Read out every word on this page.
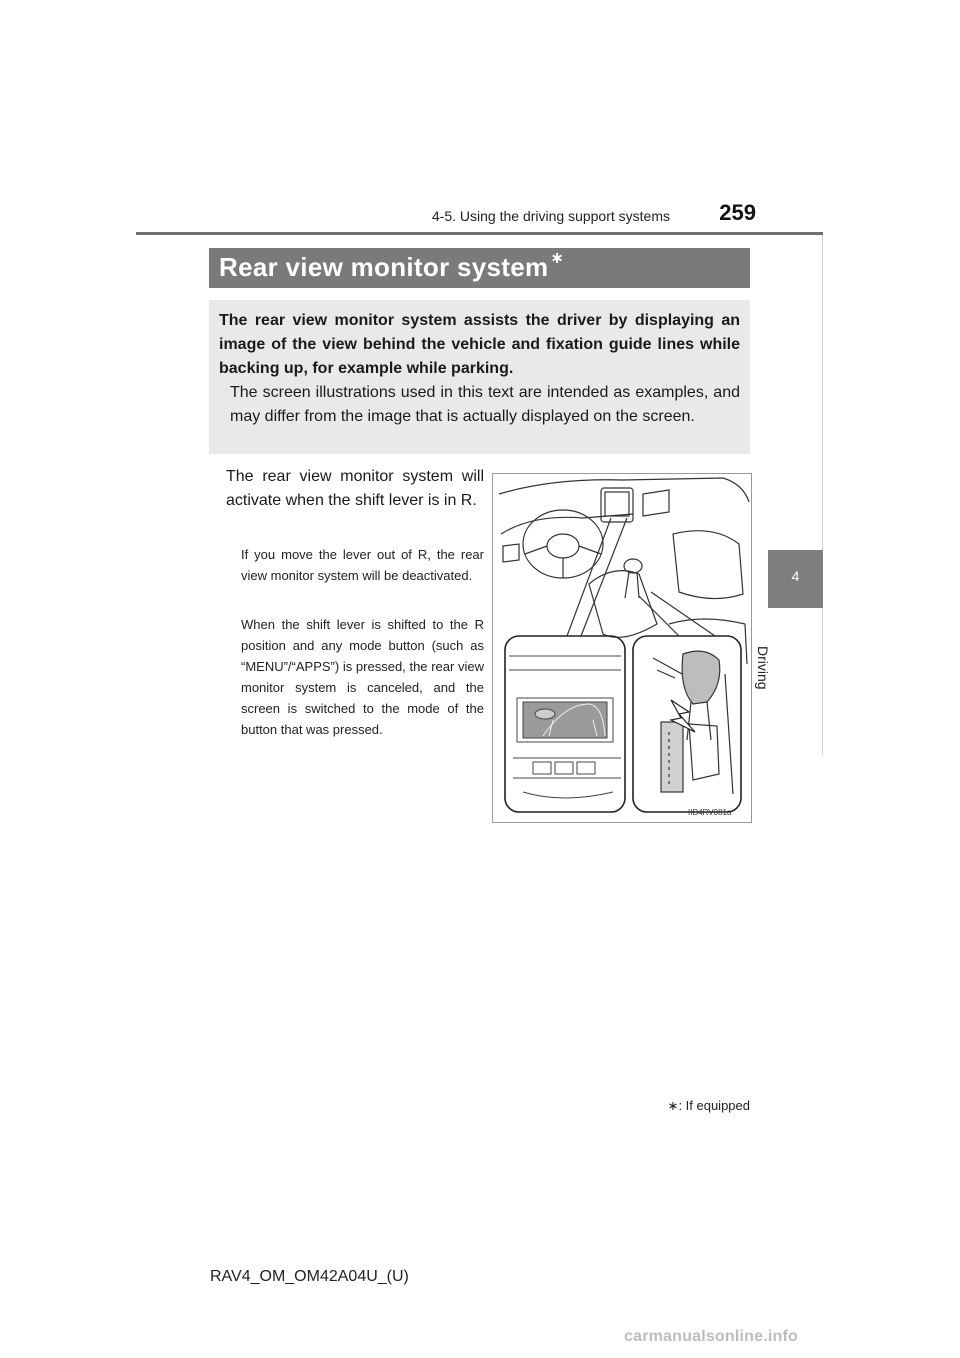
4-5. Using the driving support systems	259
4
Driving
Rear view monitor system ∗
The rear view monitor system assists the driver by displaying an image of the view behind the vehicle and fixation guide lines while backing up, for example while parking.
The screen illustrations used in this text are intended as examples, and may differ from the image that is actually displayed on the screen.
The rear view monitor system will activate when the shift lever is in R.
If you move the lever out of R, the rear view monitor system will be deactivated.
When the shift lever is shifted to the R position and any mode button (such as “MENU”/“APPS”) is pressed, the rear view monitor system is canceled, and the screen is switched to the mode of the button that was pressed.
IID4RV081a
∗: If equipped
RAV4_OM_OM42A04U_(U)
carmanualsonline.info
